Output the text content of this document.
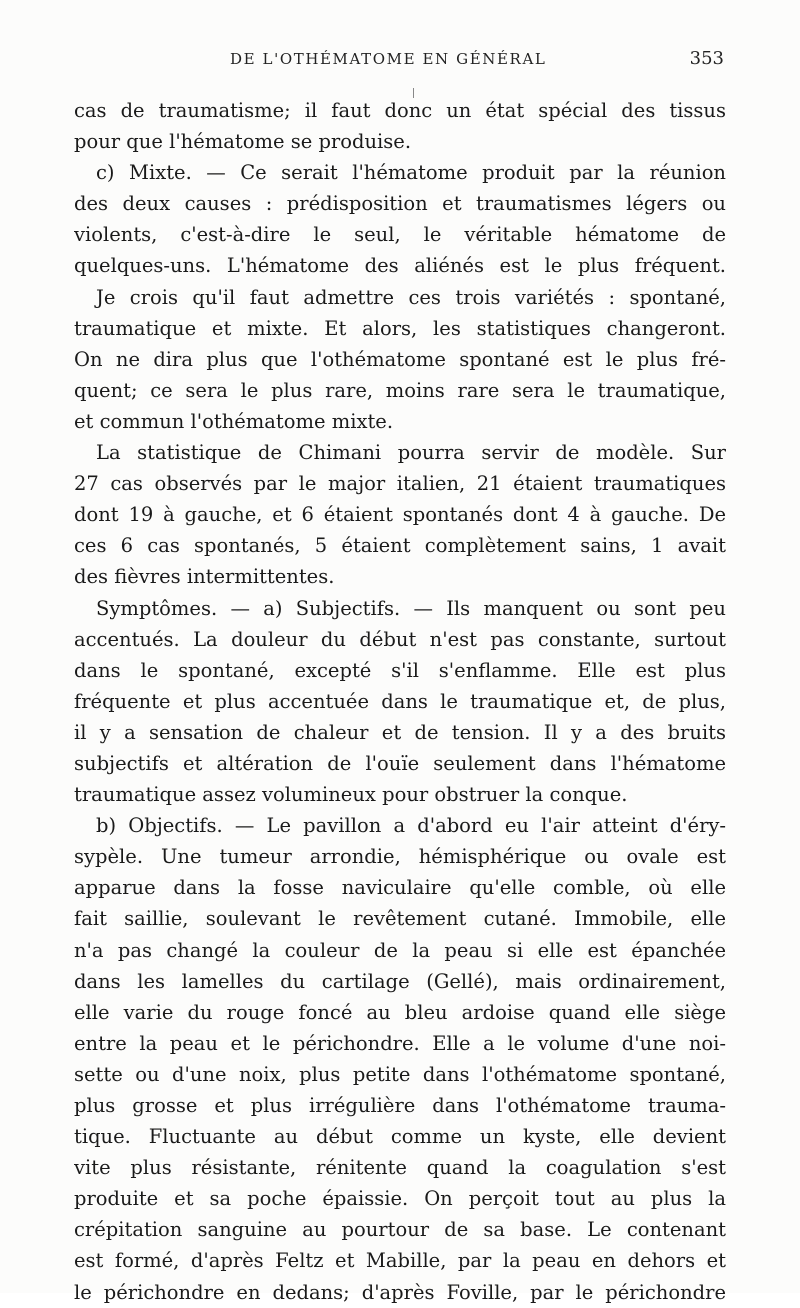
DE L'OTHÉMATOME EN GÉNÉRAL	353
cas de traumatisme; il faut donc un état spécial des tissus
pour que l'hématome se produise.
c) Mixte. — Ce serait l'hématome produit par la réunion
des deux causes : prédisposition et traumatismes légers ou
violents, c'est-à-dire le seul, le véritable hématome de
quelques-uns. L'hématome des aliénés est le plus fréquent.
Je crois qu'il faut admettre ces trois variétés : spontané,
traumatique et mixte. Et alors, les statistiques changeront.
On ne dira plus que l'othématome spontané est le plus fré-
quent; ce sera le plus rare, moins rare sera le traumatique,
et commun l'othématome mixte.
La statistique de Chimani pourra servir de modèle. Sur
27 cas observés par le major italien, 21 étaient traumatiques
dont 19 à gauche, et 6 étaient spontanés dont 4 à gauche. De
ces 6 cas spontanés, 5 étaient complètement sains, 1 avait
des fièvres intermittentes.
Symptômes. — a) Subjectifs. — Ils manquent ou sont peu
accentués. La douleur du début n'est pas constante, surtout
dans le spontané, excepté s'il s'enflamme. Elle est plus
fréquente et plus accentuée dans le traumatique et, de plus,
il y a sensation de chaleur et de tension. Il y a des bruits
subjectifs et altération de l'ouïe seulement dans l'hématome
traumatique assez volumineux pour obstruer la conque.
b) Objectifs. — Le pavillon a d'abord eu l'air atteint d'éry-
sypèle. Une tumeur arrondie, hémisphérique ou ovale est
apparue dans la fosse naviculaire qu'elle comble, où elle
fait saillie, soulevant le revêtement cutané. Immobile, elle
n'a pas changé la couleur de la peau si elle est épanchée
dans les lamelles du cartilage (Gellé), mais ordinairement,
elle varie du rouge foncé au bleu ardoise quand elle siège
entre la peau et le périchondre. Elle a le volume d'une noi-
sette ou d'une noix, plus petite dans l'othématome spontané,
plus grosse et plus irrégulière dans l'othématome trauma-
tique. Fluctuante au début comme un kyste, elle devient
vite plus résistante, rénitente quand la coagulation s'est
produite et sa poche épaissie. On perçoit tout au plus la
crépitation sanguine au pourtour de sa base. Le contenant
est formé, d'après Feltz et Mabille, par la peau en dehors et
le périchondre en dedans; d'après Foville, par le périchondre
